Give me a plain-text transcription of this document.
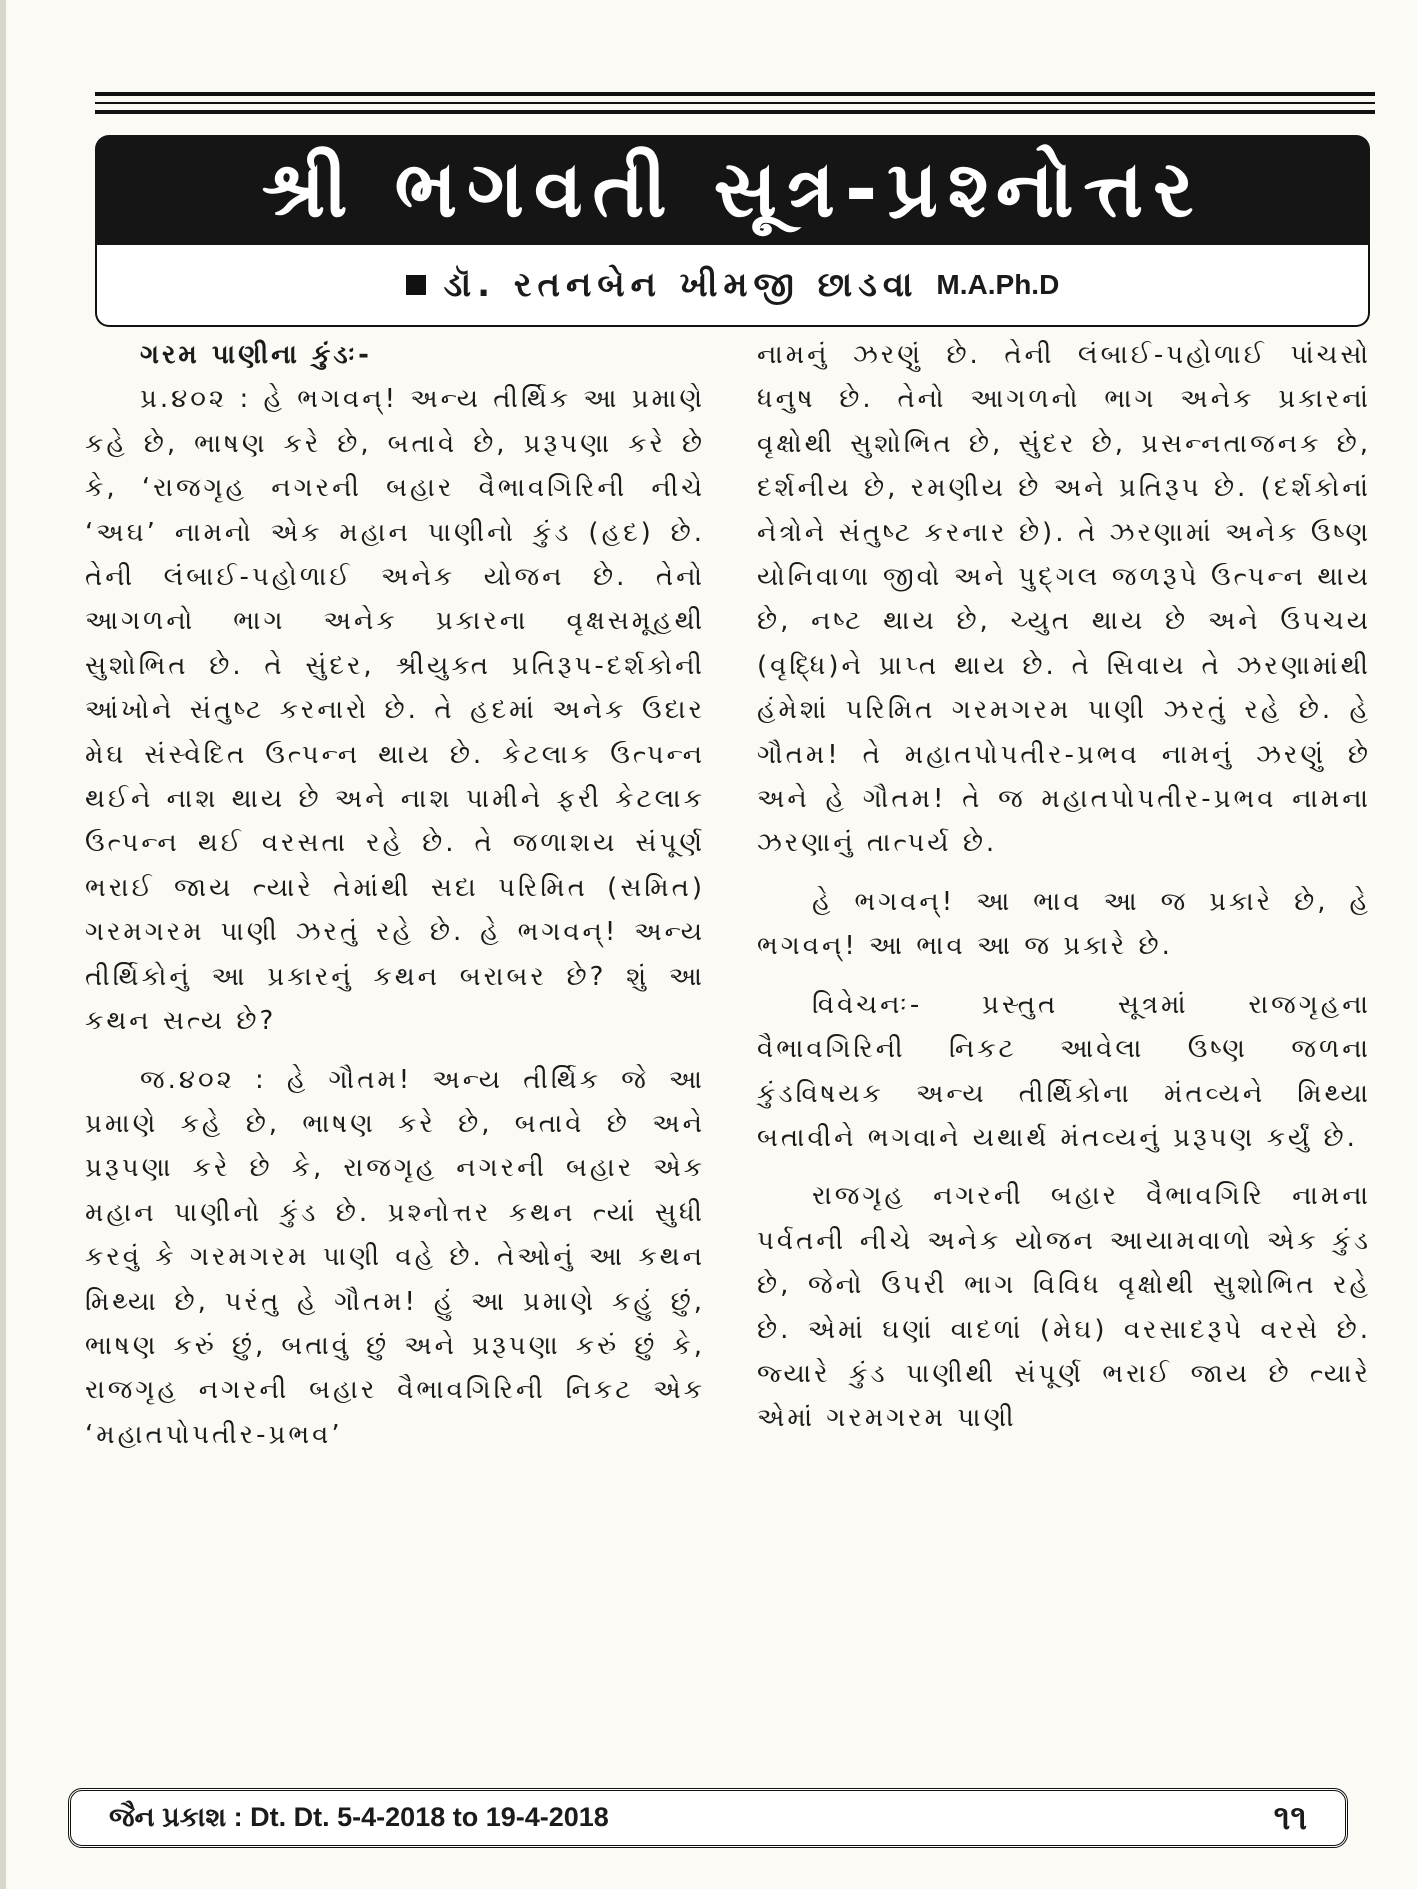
શ્રી ભગવતી સૂત્ર-પ્રશ્નોત્તર
ડૉ. રતનબેન ખીમજી છાડવા M.A.Ph.D

ગરમ પાણીના કુંડઃ-

પ્ર.૪૦૨ : હે ભગવન્‌! અન્ય તીર્થિક આ પ્રમાણે કહે છે, ભાષણ કરે છે, બતાવે છે, પ્રરૂપણા કરે છે કે, ‘રાજગૃહ નગરની બહાર વૈભાવગિરિની નીચે ‘અઘ’ નામનો એક મહાન પાણીનો કુંડ (હદ) છે. તેની લંબાઈ-પહોળાઈ અનેક યોજન છે. તેનો આગળનો ભાગ અનેક પ્રકારના વૃક્ષસમૂહથી સુશોભિત છે. તે સુંદર, શ્રીયુક્ત પ્રતિરૂપ-દર્શકોની આંખોને સંતુષ્ટ કરનારો છે. તે હદમાં અનેક ઉદાર મેઘ સંસ્વેદિત ઉત્પન્ન થાય છે. કેટલાક ઉત્પન્ન થઈને નાશ થાય છે અને નાશ પામીને ફરી કેટલાક ઉત્પન્ન થઈ વરસતા રહે છે. તે જળાશય સંપૂર્ણ ભરાઈ જાય ત્યારે તેમાંથી સદા પરિમિત (સમિત) ગરમગરમ પાણી ઝરતું રહે છે. હે ભગવન્‌! અન્ય તીર્થિકોનું આ પ્રકારનું કથન બરાબર છે? શું આ કથન સત્ય છે?

જ.૪૦૨ : હે ગૌતમ! અન્ય તીર્થિક જે આ પ્રમાણે કહે છે, ભાષણ કરે છે, બતાવે છે અને પ્રરૂપણા કરે છે કે, રાજગૃહ નગરની બહાર એક મહાન પાણીનો કુંડ છે. પ્રશ્નોત્તર કથન ત્યાં સુધી કરવું કે ગરમગરમ પાણી વહે છે. તેઓનું આ કથન મિથ્યા છે, પરંતુ હે ગૌતમ! હું આ પ્રમાણે કહું છું, ભાષણ કરું છું, બતાવું છું અને પ્રરૂપણા કરું છું કે, રાજગૃહ નગરની બહાર વૈભાવગિરિની નિકટ એક ‘મહાતપોપતીર-પ્રભવ’

નામનું ઝરણું છે. તેની લંબાઈ-પહોળાઈ પાંચસો ધનુષ છે. તેનો આગળનો ભાગ અનેક પ્રકારનાં વૃક્ષોથી સુશોભિત છે, સુંદર છે, પ્રસન્નતાજનક છે, દર્શનીય છે, રમણીય છે અને પ્રતિરૂપ છે. (દર્શકોનાં નેત્રોને સંતુષ્ટ કરનાર છે). તે ઝરણામાં અનેક ઉષ્ણ યોનિવાળા જીવો અને પુદ્‌ગલ જળરૂપે ઉત્પન્ન થાય છે, નષ્ટ થાય છે, ચ્યુત થાય છે અને ઉપચય (વૃદ્ધિ)ને પ્રાપ્ત થાય છે. તે સિવાય તે ઝરણામાંથી હંમેશાં પરિમિત ગરમગરમ પાણી ઝરતું રહે છે. હે ગૌતમ! તે મહાતપોપતીર-પ્રભવ નામનું ઝરણું છે અને હે ગૌતમ! તે જ મહાતપોપતીર-પ્રભવ નામના ઝરણાનું તાત્પર્ય છે.

હે ભગવન્‌! આ ભાવ આ જ પ્રકારે છે, હે ભગવન્‌! આ ભાવ આ જ પ્રકારે છે.

વિવેચનઃ- પ્રસ્તુત સૂત્રમાં રાજગૃહના વૈભાવગિરિની નિકટ આવેલા ઉષ્ણ જળના કુંડવિષયક અન્ય તીર્થિકોના મંતવ્યને મિથ્યા બતાવીને ભગવાને યથાર્થ મંતવ્યનું પ્રરૂપણ કર્યું છે.

રાજગૃહ નગરની બહાર વૈભાવગિરિ નામના પર્વતની નીચે અનેક યોજન આયામવાળો એક કુંડ છે, જેનો ઉપરી ભાગ વિવિધ વૃક્ષોથી સુશોભિત રહે છે. એમાં ઘણાં વાદળાં (મેઘ) વરસાદરૂપે વરસે છે. જ્યારે કુંડ પાણીથી સંપૂર્ણ ભરાઈ જાય છે ત્યારે એમાં ગરમગરમ પાણી

જૈન પ્રકાશ : Dt. Dt. 5-4-2018 to 19-4-2018	૧૧
